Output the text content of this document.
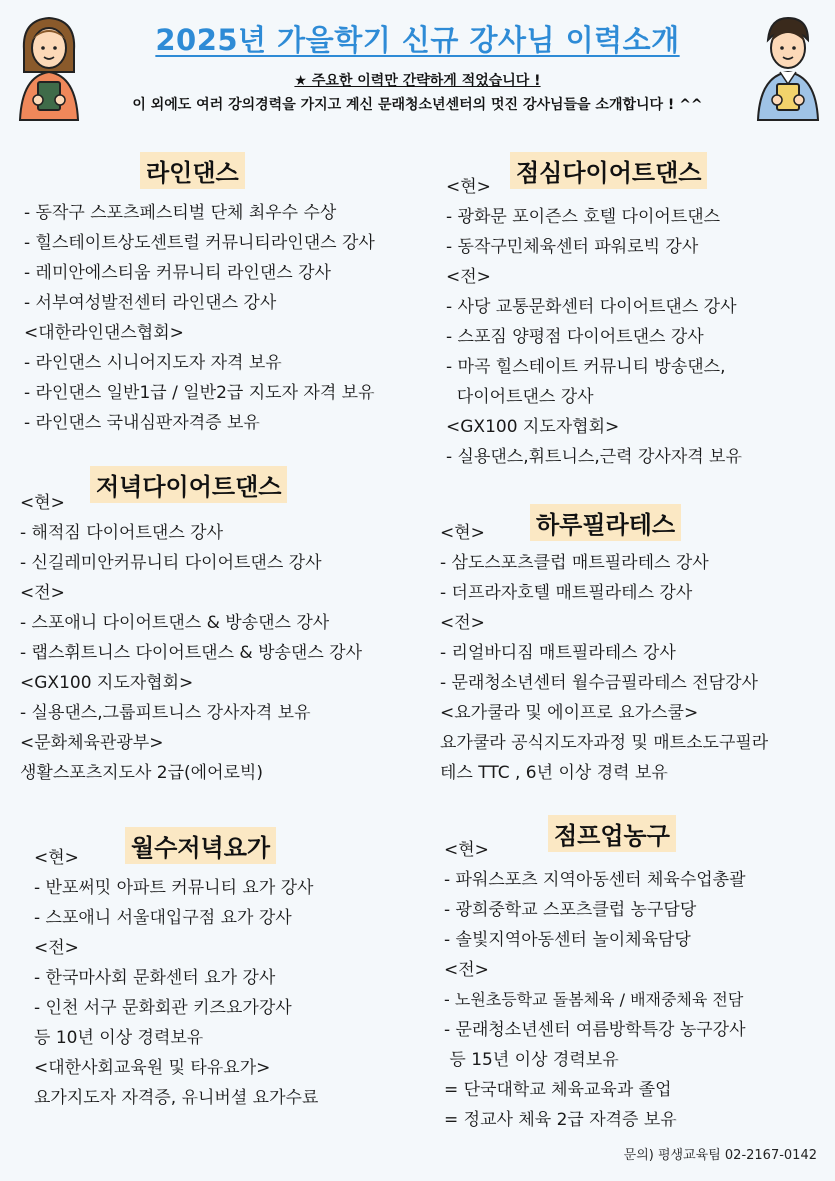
2025년 가을학기 신규 강사님 이력소개
★ 주요한 이력만 간략하게 적었습니다 !
이 외에도 여러 강의경력을 가지고 계신 문래청소년센터의 멋진 강사님들을 소개합니다 ! ^^
라인댄스
- 동작구 스포츠페스티벌 단체 최우수 수상
- 힐스테이트상도센트럴 커뮤니티라인댄스 강사
- 레미안에스티움 커뮤니티 라인댄스 강사
- 서부여성발전센터 라인댄스 강사
<대한라인댄스협회>
- 라인댄스 시니어지도자 자격 보유
- 라인댄스 일반1급 / 일반2급 지도자 자격 보유
- 라인댄스 국내심판자격증 보유
점심다이어트댄스
<현>
- 광화문 포이즌스 호텔 다이어트댄스
- 동작구민체육센터 파워로빅 강사
<전>
- 사당 교통문화센터 다이어트댄스 강사
- 스포짐 양평점 다이어트댄스 강사
- 마곡 힐스테이트 커뮤니티 방송댄스,
다이어트댄스 강사
<GX100 지도자협회>
- 실용댄스,휘트니스,근력 강사자격 보유
저녁다이어트댄스
<현>
- 해적짐 다이어트댄스 강사
- 신길레미안커뮤니티 다이어트댄스 강사
<전>
- 스포애니 다이어트댄스 & 방송댄스 강사
- 랩스휘트니스 다이어트댄스 & 방송댄스 강사
<GX100 지도자협회>
- 실용댄스,그룹피트니스 강사자격 보유
<문화체육관광부>
생활스포츠지도사 2급(에어로빅)
하루필라테스
<현>
- 삼도스포츠클럽 매트필라테스 강사
- 더프라자호텔 매트필라테스 강사
<전>
- 리얼바디짐 매트필라테스 강사
- 문래청소년센터 월수금필라테스 전담강사
<요가쿨라 및 에이프로 요가스쿨>
요가쿨라 공식지도자과정 및 매트소도구필라
테스 TTC , 6년 이상 경력 보유
월수저녁요가
<현>
- 반포써밋 아파트 커뮤니티 요가 강사
- 스포애니 서울대입구점 요가 강사
<전>
- 한국마사회 문화센터 요가 강사
- 인천 서구 문화회관 키즈요가강사
등 10년 이상 경력보유
<대한사회교육원 및 타유요가>
요가지도자 자격증, 유니버셜 요가수료
점프업농구
<현>
- 파워스포츠 지역아동센터 체육수업총괄
- 광희중학교 스포츠클럽 농구담당
- 솔빛지역아동센터 놀이체육담당
<전>
- 노원초등학교 돌봄체육 / 배재중체육 전담
- 문래청소년센터 여름방학특강 농구강사
등 15년 이상 경력보유
= 단국대학교 체육교육과 졸업
= 정교사 체육 2급 자격증 보유
문의) 평생교육팀 02-2167-0142
